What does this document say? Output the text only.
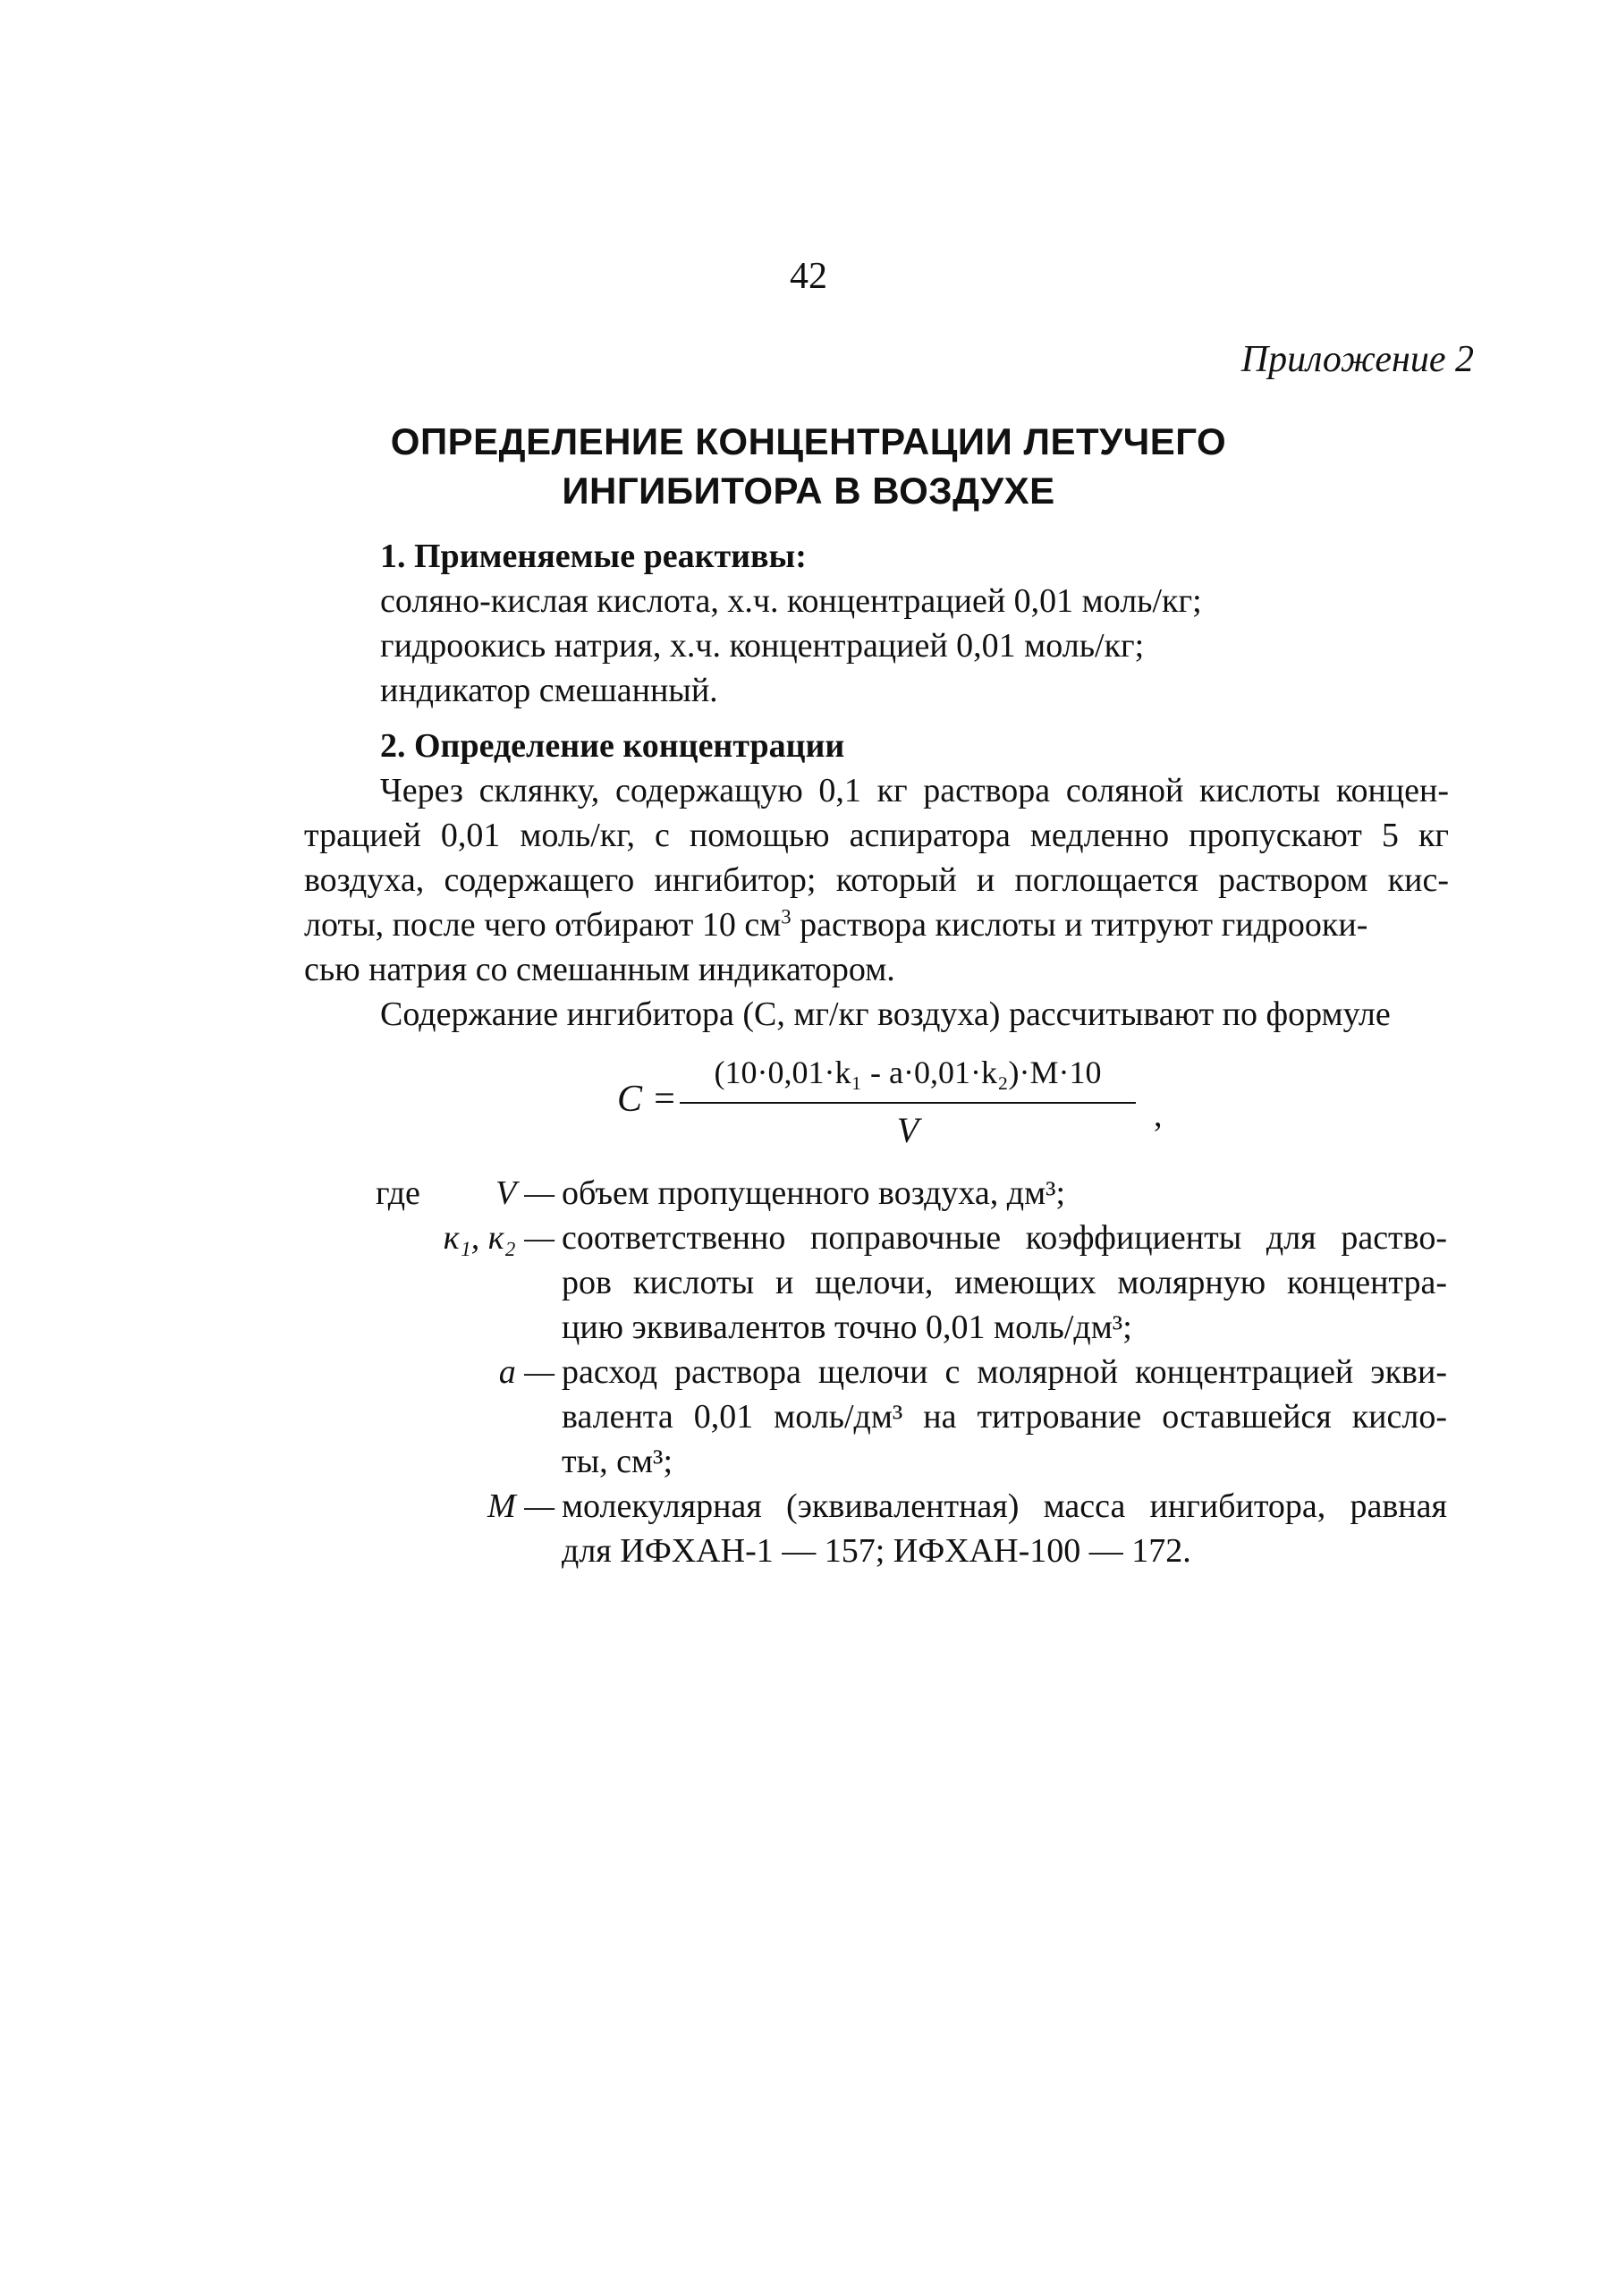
42
Приложение 2
ОПРЕДЕЛЕНИЕ КОНЦЕНТРАЦИИ ЛЕТУЧЕГО
ИНГИБИТОРА В ВОЗДУХЕ
1. Применяемые реактивы:
соляно-кислая кислота, х.ч. концентрацией 0,01 моль/кг;
гидроокись натрия, х.ч. концентрацией 0,01 моль/кг;
индикатор смешанный.
2. Определение концентрации
Через склянку, содержащую 0,1 кг раствора соляной кислоты концен-
трацией 0,01 моль/кг, с помощью аспиратора медленно пропускают 5 кг
воздуха, содержащего ингибитор; который и поглощается раствором кис-
лоты, после чего отбирают 10 $см^3$ раствора кислоты и титруют гидрооки-
сью натрия со смешанным индикатором.
Содержание ингибитора (С, мг/кг воздуха) рассчитывают по формуле
C =
(10·0,01·k₁ - a·0,01·k₂)·M·10
V	,
где	V — объем пропущенного воздуха, дм³;
к₁, к₂ — соответственно поправочные коэффициенты для раство-
ров кислоты и щелочи, имеющих молярную концентра-
цию эквивалентов точно 0,01 моль/дм³;
a — расход раствора щелочи с молярной концентрацией экви-
валента 0,01 моль/дм³ на титрование оставшейся кисло-
ты, см³;
M — молекулярная (эквивалентная) масса ингибитора, равная
для ИФХАН-1 — 157; ИФХАН-100 — 172.
